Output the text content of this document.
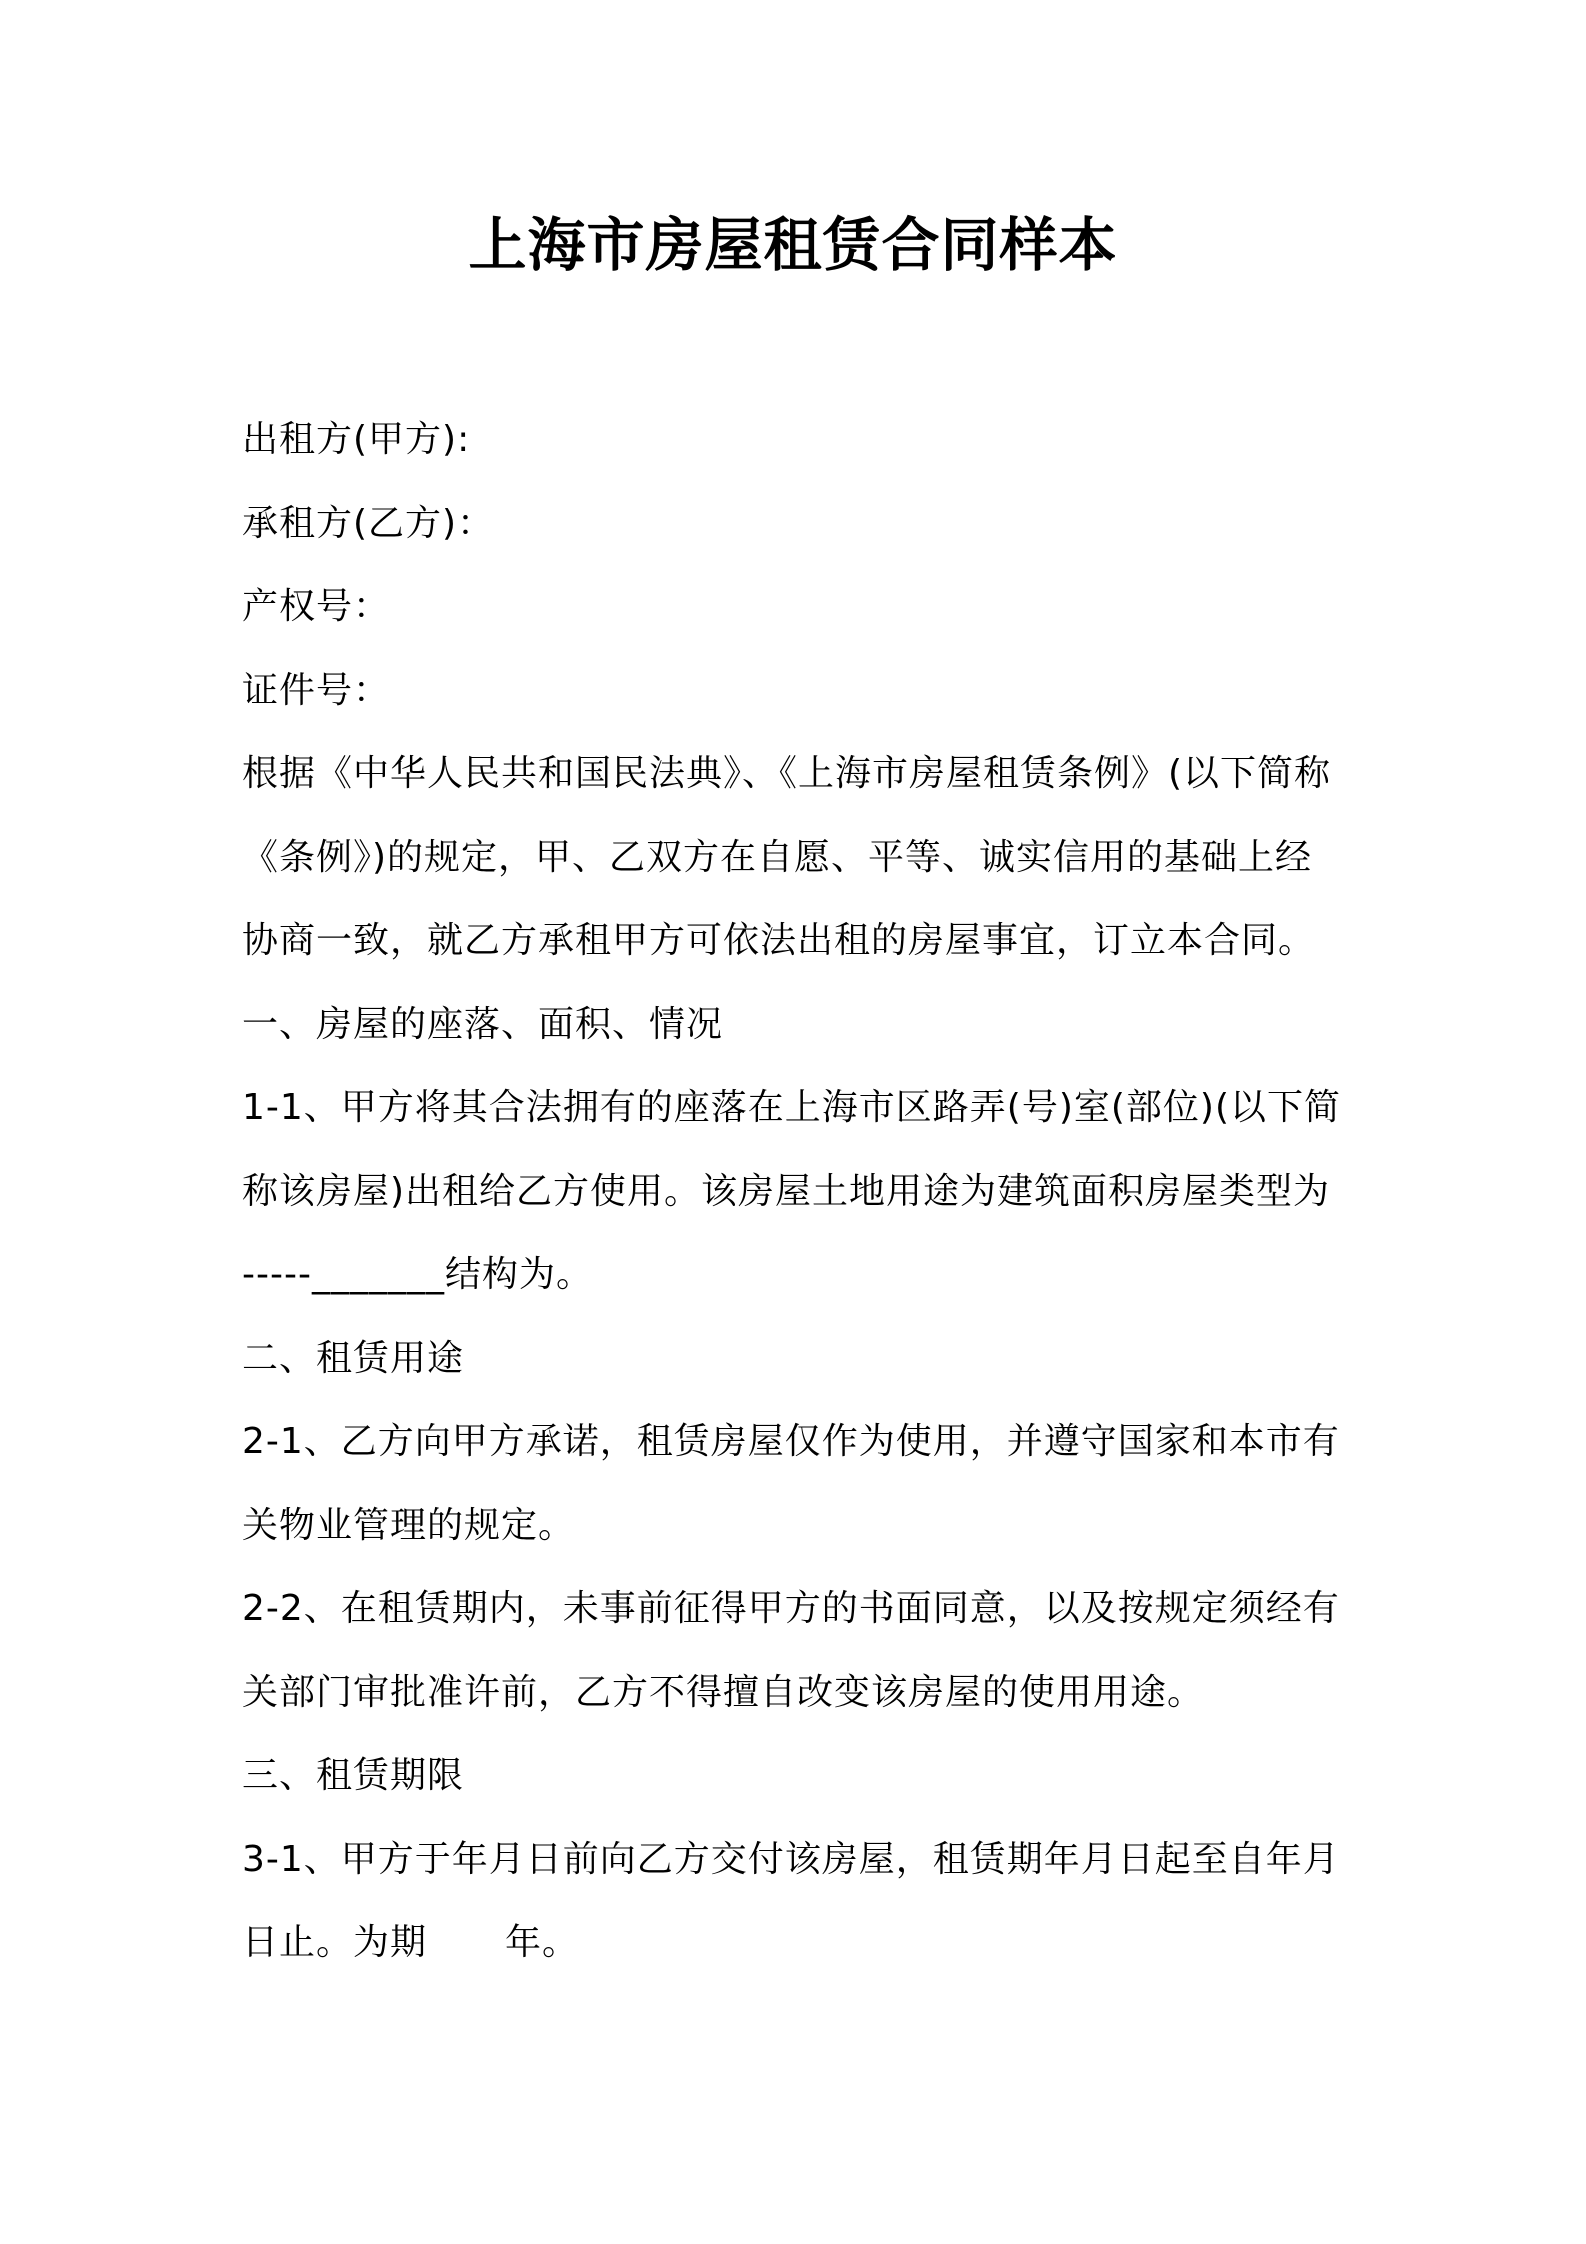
上海市房屋租赁合同样本
出租方(甲方):
承租方(乙方)：
产权号：
证件号：
根据《中华人民共和国民法典》、《上海市房屋租赁条例》(以下简称
《条例》)的规定，甲、乙双方在自愿、平等、诚实信用的基础上经
协商一致，就乙方承租甲方可依法出租的房屋事宜，订立本合同。
一、房屋的座落、面积、情况
1-1、甲方将其合法拥有的座落在上海市区路弄(号)室(部位)(以下简
称该房屋)出租给乙方使用。该房屋土地用途为建筑面积房屋类型为
-----_______结构为。
二、租赁用途
2-1、乙方向甲方承诺，租赁房屋仅作为使用，并遵守国家和本市有
关物业管理的规定。
2-2、在租赁期内，未事前征得甲方的书面同意，以及按规定须经有
关部门审批准许前，乙方不得擅自改变该房屋的使用用途。
三、租赁期限
3-1、甲方于年月日前向乙方交付该房屋，租赁期年月日起至自年月
日止。为期 年。
